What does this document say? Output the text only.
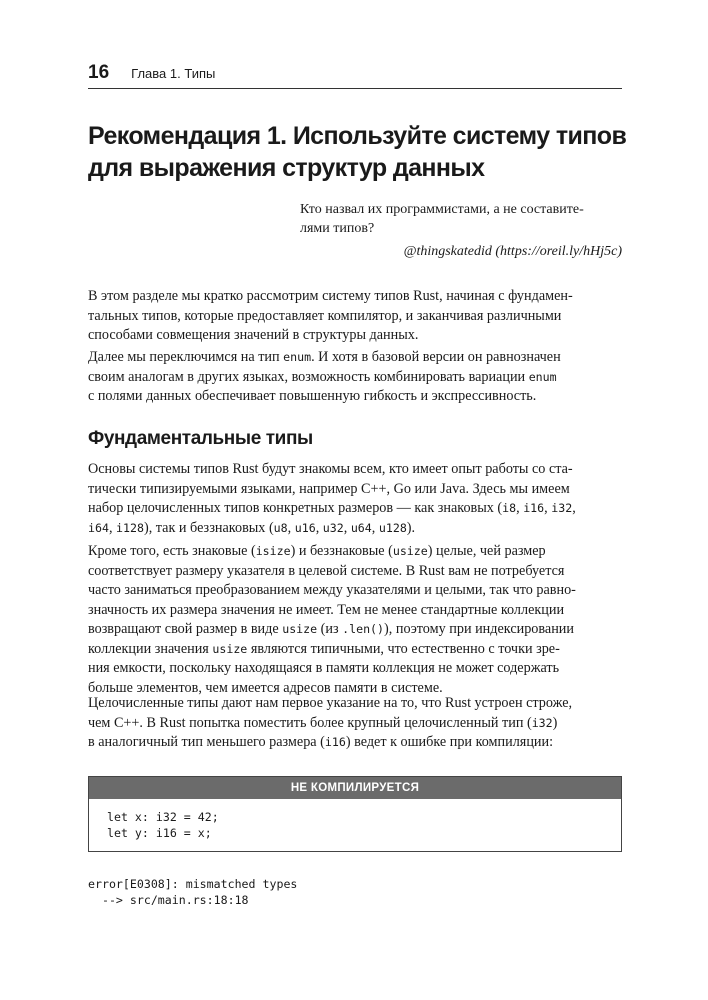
16 Глава 1. Типы
Рекомендация 1. Используйте систему типов
для выражения структур данных

Кто назвал их программистами, а не составите-
лями типов?

@thingskatedid (https://oreil.ly/hHj5c)

В этом разделе мы кратко рассмотрим систему типов Rust, начиная с фундамен-
тальных типов, которые предоставляет компилятор, и заканчивая различными
способами совмещения значений в структуры данных.

Далее мы переключимся на тип enum. И хотя в базовой версии он равнозначен
своим аналогам в других языках, возможность комбинировать вариации enum
с полями данных обеспечивает повышенную гибкость и экспрессивность.

Фундаментальные типы

Основы системы типов Rust будут знакомы всем, кто имеет опыт работы со ста-
тически типизируемыми языками, например C++, Go или Java. Здесь мы имеем
набор целочисленных типов конкретных размеров — как знаковых (i8, i16, i32,
i64, i128), так и беззнаковых (u8, u16, u32, u64, u128).

Кроме того, есть знаковые (isize) и беззнаковые (usize) целые, чей размер
соответствует размеру указателя в целевой системе. В Rust вам не потребуется
часто заниматься преобразованием между указателями и целыми, так что равно-
значность их размера значения не имеет. Тем не менее стандартные коллекции
возвращают свой размер в виде usize (из .len()), поэтому при индексировании
коллекции значения usize являются типичными, что естественно с точки зре-
ния емкости, поскольку находящаяся в памяти коллекция не может содержать
больше элементов, чем имеется адресов памяти в системе.

Целочисленные типы дают нам первое указание на то, что Rust устроен строже,
чем C++. В Rust попытка поместить более крупный целочисленный тип (i32)
в аналогичный тип меньшего размера (i16) ведет к ошибке при компиляции:

НЕ КОМПИЛИРУЕТСЯ
let x: i32 = 42;
let y: i16 = x;
error[E0308]: mismatched types
--> src/main.rs:18:18
